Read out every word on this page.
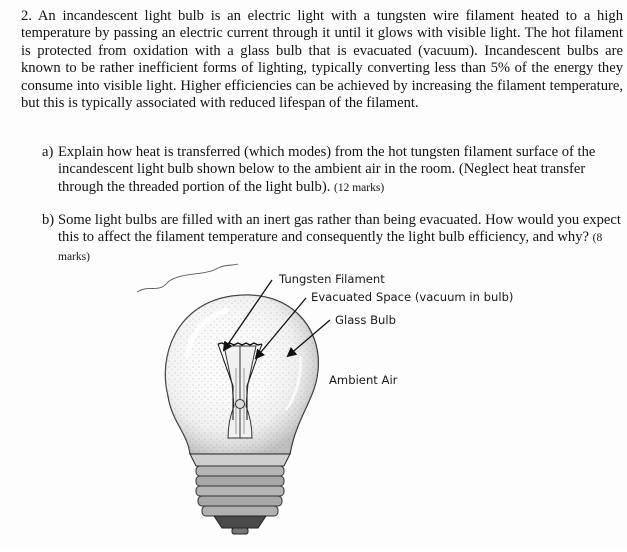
2. An incandescent light bulb is an electric light with a tungsten wire filament heated to a high temperature by passing an electric current through it until it glows with visible light. The hot filament is protected from oxidation with a glass bulb that is evacuated (vacuum). Incandescent bulbs are known to be rather inefficient forms of lighting, typically converting less than 5% of the energy they consume into visible light. Higher efficiencies can be achieved by increasing the filament temperature, but this is typically associated with reduced lifespan of the filament.

a) Explain how heat is transferred (which modes) from the hot tungsten filament surface of the incandescent light bulb shown below to the ambient air in the room. (Neglect heat transfer through the threaded portion of the light bulb). (12 marks)
b) Some light bulbs are filled with an inert gas rather than being evacuated. How would you expect this to affect the filament temperature and consequently the light bulb efficiency, and why? (8 marks)
Tungsten Filament
Evacuated Space (vacuum in bulb)
Glass Bulb
Ambient Air
